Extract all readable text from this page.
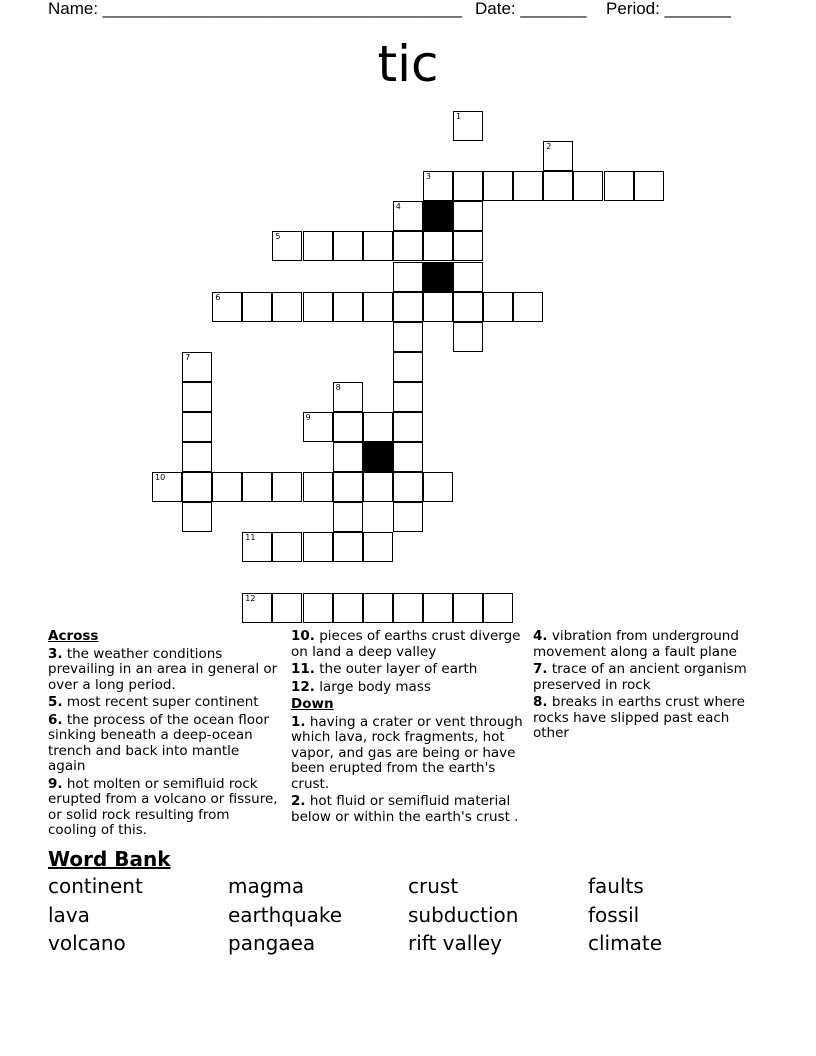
Name: ______________________________________ Date: _______ Period: _______
tic
1
2
3
4
5
6
7
8
9
10
11
12
Across
3. the weather conditions prevailing in an area in general or over a long period.
5. most recent super continent
6. the process of the ocean floor sinking beneath a deep-ocean trench and back into mantle again
9. hot molten or semifluid rock erupted from a volcano or fissure, or solid rock resulting from cooling of this.
10. pieces of earths crust diverge on land a deep valley
11. the outer layer of earth
12. large body mass
Down
1. having a crater or vent through which lava, rock fragments, hot vapor, and gas are being or have been erupted from the earth's crust.
2. hot fluid or semifluid material below or within the earth's crust .
4. vibration from underground movement along a fault plane
7. trace of an ancient organism preserved in rock
8. breaks in earths crust where rocks have slipped past each other
Word Bank
continent	magma	crust	faults
lava	earthquake	subduction	fossil
volcano	pangaea	rift valley	climate
